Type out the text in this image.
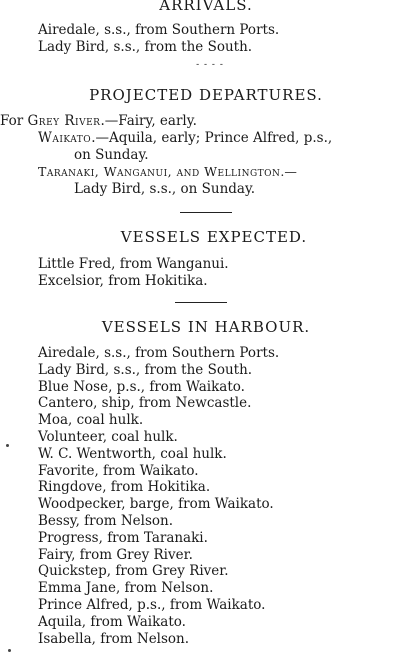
ARRIVALS.
Airedale, s.s., from Southern Ports.
Lady Bird, s.s., from the South.
- - - -
PROJECTED DEPARTURES.
For Grey River.—Fairy, early.
Waikato.—Aquila, early; Prince Alfred, p.s.,
on Sunday.
Taranaki, Wanganui, and Wellington.—
Lady Bird, s.s., on Sunday.
VESSELS EXPECTED.
Little Fred, from Wanganui.
Excelsior, from Hokitika.
VESSELS IN HARBOUR.
Airedale, s.s., from Southern Ports.
Lady Bird, s.s., from the South.
Blue Nose, p.s., from Waikato.
Cantero, ship, from Newcastle.
Moa, coal hulk.
Volunteer, coal hulk.
W. C. Wentworth, coal hulk.
Favorite, from Waikato.
Ringdove, from Hokitika.
Woodpecker, barge, from Waikato.
Bessy, from Nelson.
Progress, from Taranaki.
Fairy, from Grey River.
Quickstep, from Grey River.
Emma Jane, from Nelson.
Prince Alfred, p.s., from Waikato.
Aquila, from Waikato.
Isabella, from Nelson.
